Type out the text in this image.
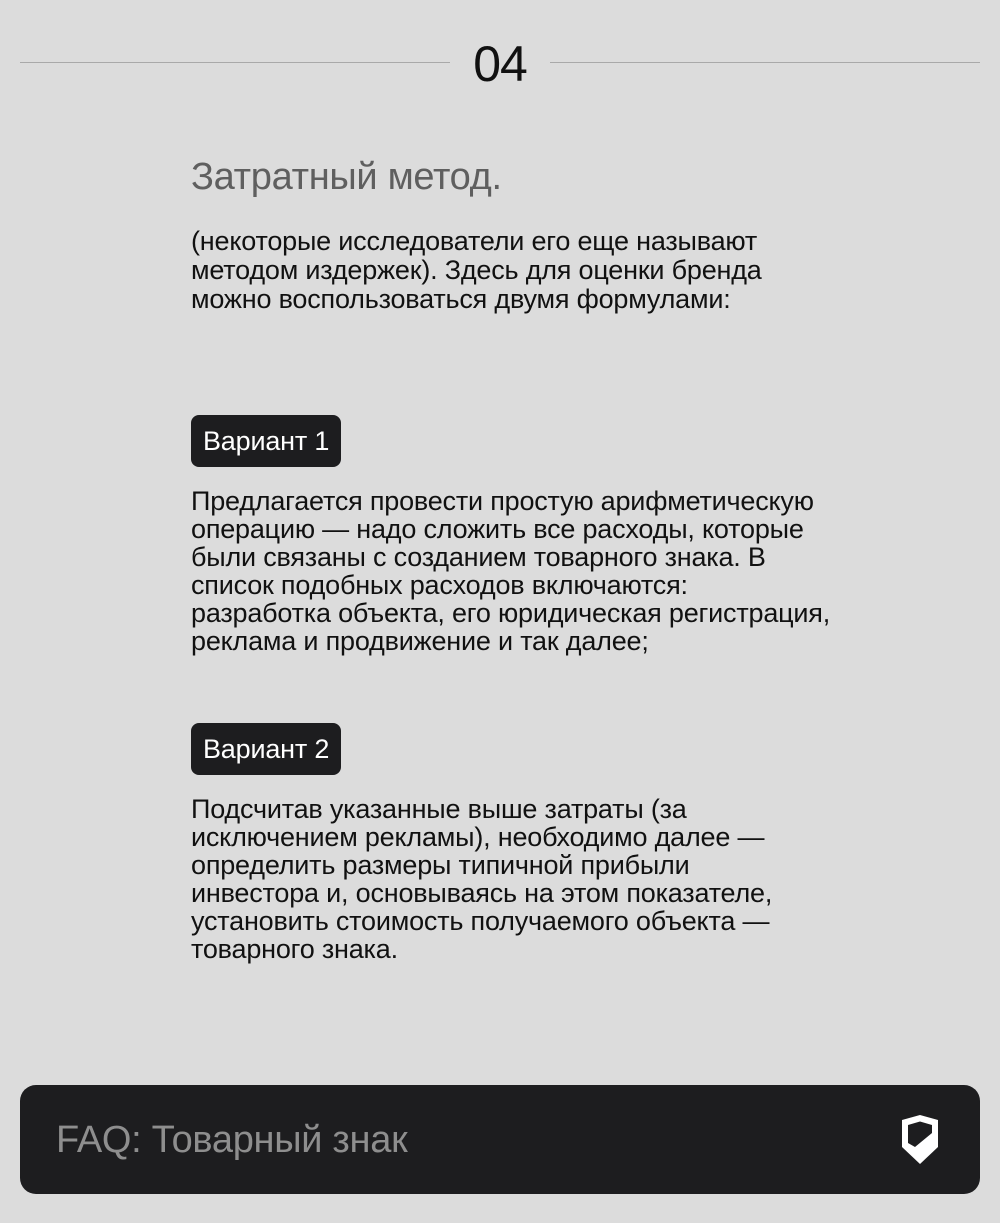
04
Затратный метод.
(некоторые исследователи его еще называют методом издержек). Здесь для оценки бренда можно воспользоваться двумя формулами:
Вариант 1
Предлагается провести простую арифметическую операцию — надо сложить все расходы, которые были связаны с созданием товарного знака. В список подобных расходов включаются: разработка объекта, его юридическая регистрация, реклама и продвижение и так далее;
Вариант 2
Подсчитав указанные выше затраты (за исключением рекламы), необходимо далее — определить размеры типичной прибыли инвестора и, основываясь на этом показателе, установить стоимость получаемого объекта — товарного знака.
FAQ: Товарный знак
